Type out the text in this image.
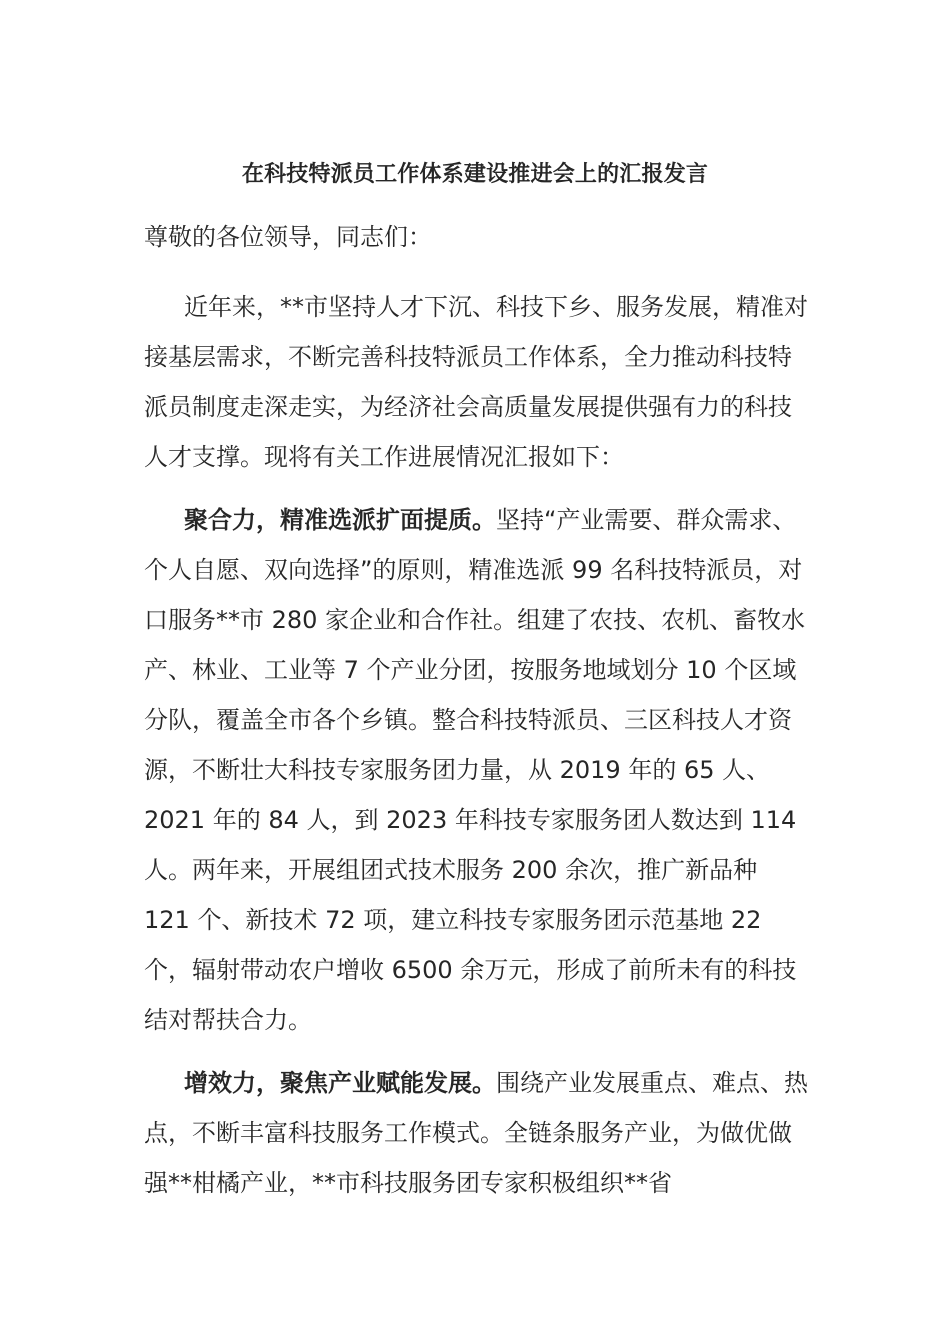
在科技特派员工作体系建设推进会上的汇报发言
尊敬的各位领导，同志们：

近年来，**市坚持人才下沉、科技下乡、服务发展，精准对接基层需求，不断完善科技特派员工作体系，全力推动科技特派员制度走深走实，为经济社会高质量发展提供强有力的科技人才支撑。现将有关工作进展情况汇报如下：

聚合力，精准选派扩面提质。坚持“产业需要、群众需求、个人自愿、双向选择”的原则，精准选派 99 名科技特派员，对口服务**市 280 家企业和合作社。组建了农技、农机、畜牧水产、林业、工业等 7 个产业分团，按服务地域划分 10 个区域分队，覆盖全市各个乡镇。整合科技特派员、三区科技人才资源，不断壮大科技专家服务团力量，从 2019 年的 65 人、2021 年的 84 人，到 2023 年科技专家服务团人数达到 114 人。两年来，开展组团式技术服务 200 余次，推广新品种 121 个、新技术 72 项，建立科技专家服务团示范基地 22 个，辐射带动农户增收 6500 余万元，形成了前所未有的科技结对帮扶合力。

增效力，聚焦产业赋能发展。围绕产业发展重点、难点、热点，不断丰富科技服务工作模式。全链条服务产业，为做优做强**柑橘产业，**市科技服务团专家积极组织**省
